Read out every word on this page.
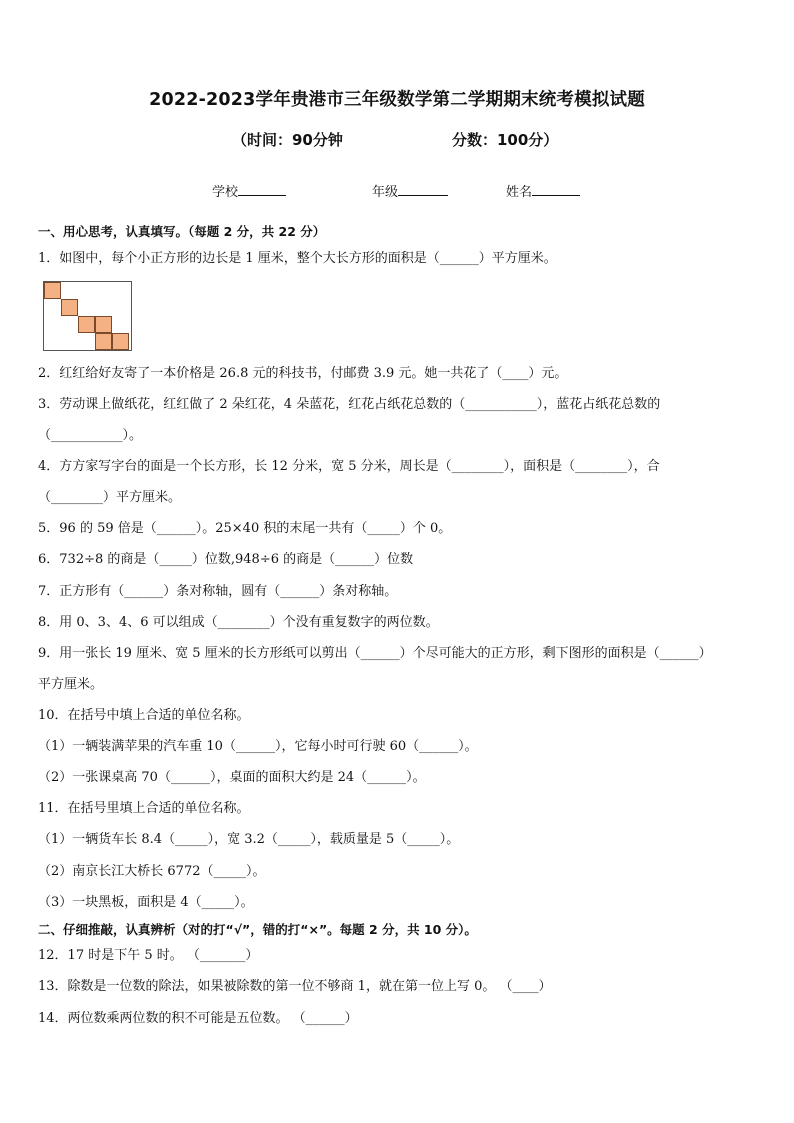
2022-2023学年贵港市三年级数学第二学期期末统考模拟试题
（时间：90分钟	分数：100分）
学校	年级	姓名
一、用心思考，认真填写。（每题 2 分，共 22 分）
1．如图中，每个小正方形的边长是 1 厘米，整个大长方形的面积是（______）平方厘米。
2．红红给好友寄了一本价格是 26.8 元的科技书，付邮费 3.9 元。她一共花了（____）元。
3．劳动课上做纸花，红红做了 2 朵红花，4 朵蓝花，红花占纸花总数的（___________），蓝花占纸花总数的
（___________）。
4．方方家写字台的面是一个长方形，长 12 分米，宽 5 分米，周长是（________），面积是（________），合
（________）平方厘米。
5．96 的 59 倍是（______）。25×40 积的末尾一共有（_____）个 0。
6．732÷8 的商是（_____）位数,948÷6 的商是（______）位数
7．正方形有（______）条对称轴，圆有（______）条对称轴。
8．用 0、3、4、6 可以组成（________）个没有重复数字的两位数。
9．用一张长 19 厘米、宽 5 厘米的长方形纸可以剪出（______）个尽可能大的正方形，剩下图形的面积是（______）
平方厘米。
10．在括号中填上合适的单位名称。
（1）一辆装满苹果的汽车重 10（______），它每小时可行驶 60（______）。
（2）一张课桌高 70（______），桌面的面积大约是 24（______）。
11．在括号里填上合适的单位名称。
（1）一辆货车长 8.4（_____），宽 3.2（_____），载质量是 5（_____）。
（2）南京长江大桥长 6772（_____）。
（3）一块黑板，面积是 4（_____）。
二、仔细推敲，认真辨析（对的打“√”，错的打“×”。每题 2 分，共 10 分）。
12．17 时是下午 5 时。 （_______）
13．除数是一位数的除法，如果被除数的第一位不够商 1，就在第一位上写 0。 （____）
14．两位数乘两位数的积不可能是五位数。 （______）
